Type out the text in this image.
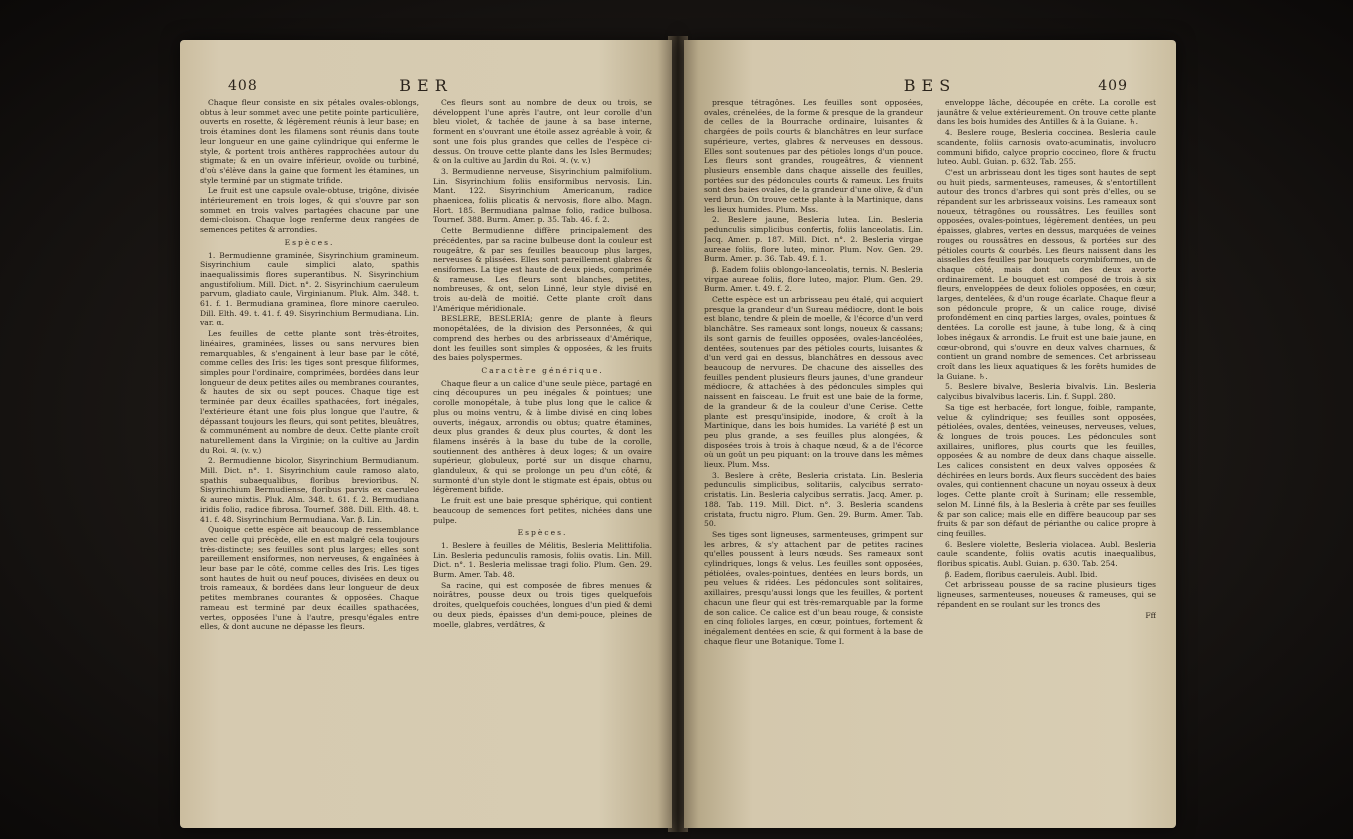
408	BER

Chaque fleur consiste en six pétales ovales-oblongs, obtus à leur sommet avec une petite pointe particulière, ouverts en rosette, & légèrement réunis à leur base; en trois étamines dont les filamens sont réunis dans toute leur longueur en une gaine cylindrique qui enferme le style, & portent trois anthères rapprochées autour du stigmate; & en un ovaire inférieur, ovoïde ou turbiné, d'où s'élève dans la gaine que forment les étamines, un style terminé par un stigmate trifide.

Le fruit est une capsule ovale-obtuse, trigône, divisée intérieurement en trois loges, & qui s'ouvre par son sommet en trois valves partagées chacune par une demi-cloison. Chaque loge renferme deux rangées de semences petites & arrondies.

Espèces.

1. Bermudienne graminée, Sisyrinchium gramineum. Sisyrinchium caule simplici alato, spathis inaequalissimis flores superantibus. N. Sisyrinchium angustifolium. Mill. Dict. n°. 2. Sisyrinchium caeruleum parvum, gladiato caule, Virginianum. Pluk. Alm. 348. t. 61. f. 1. Bermudiana graminea, flore minore caeruleo. Dill. Elth. 49. t. 41. f. 49. Sisyrinchium Bermudiana. Lin. var. α.

Les feuilles de cette plante sont très-étroites, linéaires, graminées, lisses ou sans nervures bien remarquables, & s'engainent à leur base par le côté, comme celles des Iris: les tiges sont presque filiformes, simples pour l'ordinaire, comprimées, bordées dans leur longueur de deux petites ailes ou membranes courantes, & hautes de six ou sept pouces. Chaque tige est terminée par deux écailles spathacées, fort inégales, l'extérieure étant une fois plus longue que l'autre, & dépassant toujours les fleurs, qui sont petites, bleuâtres, & communément au nombre de deux. Cette plante croît naturellement dans la Virginie; on la cultive au Jardin du Roi. ♃. (v. v.)

2. Bermudienne bicolor, Sisyrinchium Bermudianum. Mill. Dict. n°. 1. Sisyrinchium caule ramoso alato, spathis subaequalibus, floribus brevioribus. N. Sisyrinchium Bermudiense, floribus parvis ex caeruleo & aureo mixtis. Pluk. Alm. 348. t. 61. f. 2. Bermudiana iridis folio, radice fibrosa. Tournef. 388. Dill. Elth. 48. t. 41. f. 48. Sisyrinchium Bermudiana. Var. β. Lin.

Quoique cette espèce ait beaucoup de ressemblance avec celle qui précède, elle en est malgré cela toujours très-distincte; ses feuilles sont plus larges; elles sont pareillement ensiformes, non nerveuses, & engaînées à leur base par le côté, comme celles des Iris. Les tiges sont hautes de huit ou neuf pouces, divisées en deux ou trois rameaux, & bordées dans leur longueur de deux petites membranes courantes & opposées. Chaque rameau est terminé par deux écailles spathacées, vertes, opposées l'une à l'autre, presqu'égales entre elles, & dont aucune ne dépasse les fleurs.

Ces fleurs sont au nombre de deux ou trois, se développent l'une après l'autre, ont leur corolle d'un bleu violet, & tachée de jaune à sa base interne, forment en s'ouvrant une étoile assez agréable à voir, & sont une fois plus grandes que celles de l'espèce ci-dessus. On trouve cette plante dans les Isles Bermudes; & on la cultive au Jardin du Roi. ♃. (v. v.)

3. Bermudienne nerveuse, Sisyrinchium palmifolium. Lin. Sisyrinchium foliis ensiformibus nervosis. Lin. Mant. 122. Sisyrinchium Americanum, radice phaenicea, foliis plicatis & nervosis, flore albo. Magn. Hort. 185. Bermudiana palmae folio, radice bulbosa. Tournef. 388. Burm. Amer. p. 35. Tab. 46. f. 2.

Cette Bermudienne diffère principalement des précédentes, par sa racine bulbeuse dont la couleur est rougeâtre, & par ses feuilles beaucoup plus larges, nerveuses & plissées. Elles sont pareillement glabres & ensiformes. La tige est haute de deux pieds, comprimée & rameuse. Les fleurs sont blanches, petites, nombreuses, & ont, selon Linné, leur style divisé en trois au-delà de moitié. Cette plante croît dans l'Amérique méridionale.

BESLERE, BESLERIA; genre de plante à fleurs monopétalées, de la division des Personnées, & qui comprend des herbes ou des arbrisseaux d'Amérique, dont les feuilles sont simples & opposées, & les fruits des baies polyspermes.

Caractère générique.

Chaque fleur a un calice d'une seule pièce, partagé en cinq découpures un peu inégales & pointues; une corolle monopétale, à tube plus long que le calice & plus ou moins ventru, & à limbe divisé en cinq lobes ouverts, inégaux, arrondis ou obtus; quatre étamines, deux plus grandes & deux plus courtes, & dont les filamens insérés à la base du tube de la corolle, soutiennent des anthères à deux loges; & un ovaire supérieur, globuleux, porté sur un disque charnu, glanduleux, & qui se prolonge un peu d'un côté, & surmonté d'un style dont le stigmate est épais, obtus ou légèrement bifide.

Le fruit est une baie presque sphérique, qui contient beaucoup de semences fort petites, nichées dans une pulpe.

Espèces.

1. Beslere à feuilles de Mélitis, Besleria Melittifolia. Lin. Besleria pedunculis ramosis, foliis ovatis. Lin. Mill. Dict. n°. 1. Besleria melissae tragi folio. Plum. Gen. 29. Burm. Amer. Tab. 48.

Sa racine, qui est composée de fibres menues & noirâtres, pousse deux ou trois tiges quelquefois droites, quelquefois couchées, longues d'un pied & demi ou deux pieds, épaisses d'un demi-pouce, pleines de moelle, glabres, verdâtres, &

BES	409

presque tétragônes. Les feuilles sont opposées, ovales, crénelées, de la forme & presque de la grandeur de celles de la Bourrache ordinaire, luisantes & chargées de poils courts & blanchâtres en leur surface supérieure, vertes, glabres & nerveuses en dessous. Elles sont soutenues par des pétioles longs d'un pouce. Les fleurs sont grandes, rougeâtres, & viennent plusieurs ensemble dans chaque aisselle des feuilles, portées sur des pédoncules courts & rameux. Les fruits sont des baies ovales, de la grandeur d'une olive, & d'un verd brun. On trouve cette plante à la Martinique, dans les lieux humides. Plum. Mss.

2. Beslere jaune, Besleria lutea. Lin. Besleria pedunculis simplicibus confertis, foliis lanceolatis. Lin. Jacq. Amer. p. 187. Mill. Dict. n°. 2. Besleria virgae aureae foliis, flore luteo, minor. Plum. Nov. Gen. 29. Burm. Amer. p. 36. Tab. 49. f. 1.

β. Eadem foliis oblongo-lanceolatis, ternis. N. Besleria virgae aureae foliis, flore luteo, major. Plum. Gen. 29. Burm. Amer. t. 49. f. 2.

Cette espèce est un arbrisseau peu étalé, qui acquiert presque la grandeur d'un Sureau médiocre, dont le bois est blanc, tendre & plein de moelle, & l'écorce d'un verd blanchâtre. Ses rameaux sont longs, noueux & cassans; ils sont garnis de feuilles opposées, ovales-lancéolées, dentées, soutenues par des pétioles courts, luisantes & d'un verd gai en dessus, blanchâtres en dessous avec beaucoup de nervures. De chacune des aisselles des feuilles pendent plusieurs fleurs jaunes, d'une grandeur médiocre, & attachées à des pédoncules simples qui naissent en faisceau. Le fruit est une baie de la forme, de la grandeur & de la couleur d'une Cerise. Cette plante est presqu'insipide, inodore, & croît à la Martinique, dans les bois humides. La variété β est un peu plus grande, a ses feuilles plus alongées, & disposées trois à trois à chaque nœud, & a de l'écorce où un goût un peu piquant: on la trouve dans les mêmes lieux. Plum. Mss.

3. Beslere à crête, Besleria cristata. Lin. Besleria pedunculis simplicibus, solitariis, calycibus serrato-cristatis. Lin. Besleria calycibus serratis. Jacq. Amer. p. 188. Tab. 119. Mill. Dict. n°. 3. Besleria scandens cristata, fructu nigro. Plum. Gen. 29. Burm. Amer. Tab. 50.

Ses tiges sont ligneuses, sarmenteuses, grimpent sur les arbres, & s'y attachent par de petites racines qu'elles poussent à leurs nœuds. Ses rameaux sont cylindriques, longs & velus. Les feuilles sont opposées, pétiolées, ovales-pointues, dentées en leurs bords, un peu velues & ridées. Les pédoncules sont solitaires, axillaires, presqu'aussi longs que les feuilles, & portent chacun une fleur qui est très-remarquable par la forme de son calice. Ce calice est d'un beau rouge, & consiste en cinq folioles larges, en cœur, pointues, fortement & inégalement dentées en scie, & qui forment à la base de chaque fleur une Botanique. Tome I.

enveloppe lâche, découpée en crête. La corolle est jaunâtre & velue extérieurement. On trouve cette plante dans les bois humides des Antilles & à la Guiane. ♄.

4. Beslere rouge, Besleria coccinea. Besleria caule scandente, foliis carnosis ovato-acuminatis, involucro communi bifido, calyce proprio coccineo, flore & fructu luteo. Aubl. Guian. p. 632. Tab. 255.

C'est un arbrisseau dont les tiges sont hautes de sept ou huit pieds, sarmenteuses, rameuses, & s'entortillent autour des troncs d'arbres qui sont près d'elles, ou se répandent sur les arbrisseaux voisins. Les rameaux sont noueux, tétragônes ou roussâtres. Les feuilles sont opposées, ovales-pointues, légèrement dentées, un peu épaisses, glabres, vertes en dessus, marquées de veines rouges ou roussâtres en dessous, & portées sur des pétioles courts & courbés. Les fleurs naissent dans les aisselles des feuilles par bouquets corymbiformes, un de chaque côté, mais dont un des deux avorte ordinairement. Le bouquet est composé de trois à six fleurs, enveloppées de deux folioles opposées, en cœur, larges, dentelées, & d'un rouge écarlate. Chaque fleur a son pédoncule propre, & un calice rouge, divisé profondément en cinq parties larges, ovales, pointues & dentées. La corolle est jaune, à tube long, & à cinq lobes inégaux & arrondis. Le fruit est une baie jaune, en cœur-obrond, qui s'ouvre en deux valves charnues, & contient un grand nombre de semences. Cet arbrisseau croît dans les lieux aquatiques & les forêts humides de la Guiane. ♄.

5. Beslere bivalve, Besleria bivalvis. Lin. Besleria calycibus bivalvibus laceris. Lin. f. Suppl. 280.

Sa tige est herbacée, fort longue, foible, rampante, velue & cylindrique; ses feuilles sont opposées, pétiolées, ovales, dentées, veineuses, nerveuses, velues, & longues de trois pouces. Les pédoncules sont axillaires, uniflores, plus courts que les feuilles, opposées & au nombre de deux dans chaque aisselle. Les calices consistent en deux valves opposées & déchirées en leurs bords. Aux fleurs succèdent des baies ovales, qui contiennent chacune un noyau osseux à deux loges. Cette plante croît à Surinam; elle ressemble, selon M. Linné fils, à la Besleria à crête par ses feuilles & par son calice; mais elle en diffère beaucoup par ses fruits & par son défaut de périanthe ou calice propre à cinq feuilles.

6. Beslere violette, Besleria violacea. Aubl. Besleria caule scandente, foliis ovatis acutis inaequalibus, floribus spicatis. Aubl. Guian. p. 630. Tab. 254.

β. Eadem, floribus caeruleis. Aubl. Ibid.

Cet arbrisseau pousse de sa racine plusieurs tiges ligneuses, sarmenteuses, noueuses & rameuses, qui se répandent en se roulant sur les troncs des

Fff
